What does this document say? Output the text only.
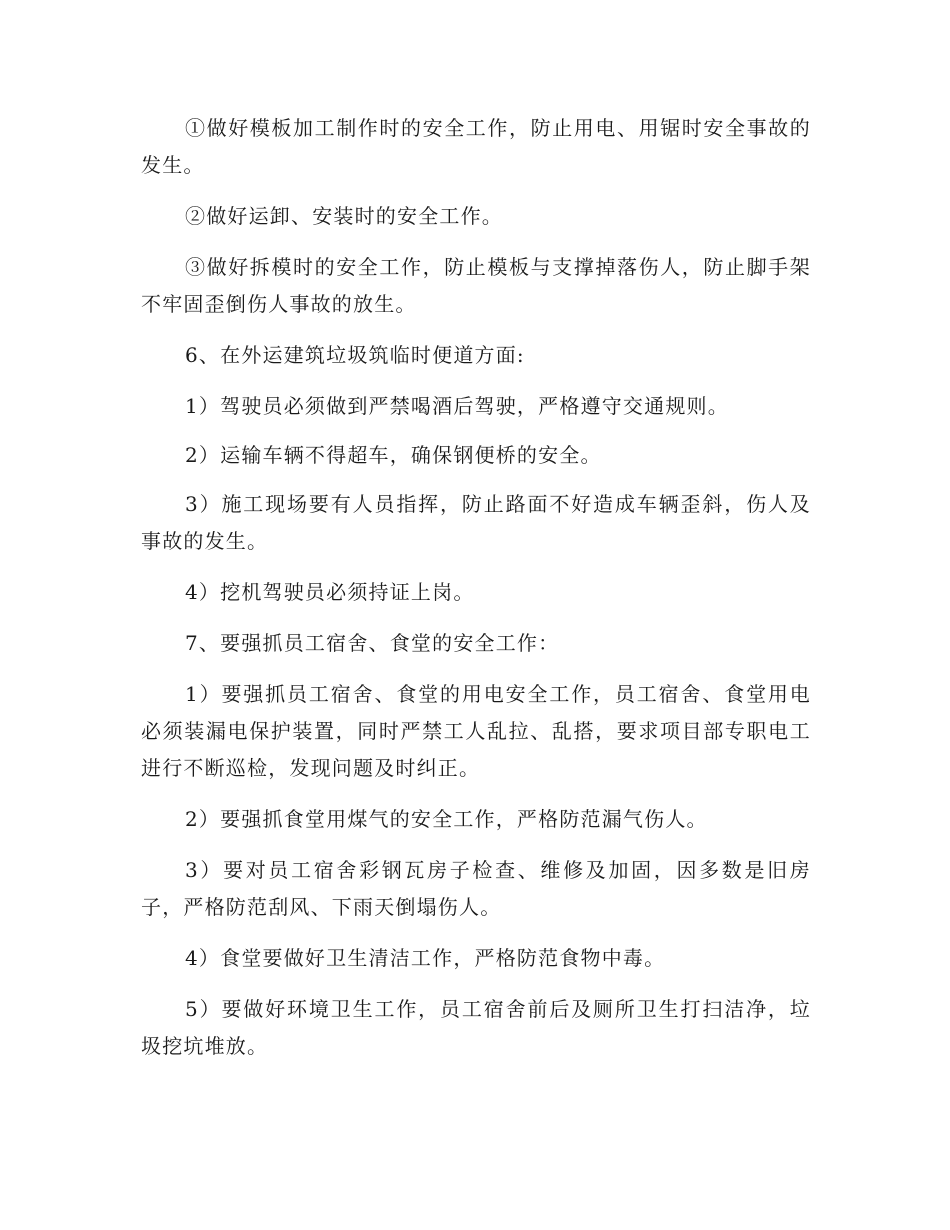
①做好模板加工制作时的安全工作，防止用电、用锯时安全事故的发生。

②做好运卸、安装时的安全工作。

③做好拆模时的安全工作，防止模板与支撑掉落伤人，防止脚手架不牢固歪倒伤人事故的放生。

6、在外运建筑垃圾筑临时便道方面:

1）驾驶员必须做到严禁喝酒后驾驶，严格遵守交通规则。

2）运输车辆不得超车，确保钢便桥的安全。

3）施工现场要有人员指挥，防止路面不好造成车辆歪斜，伤人及事故的发生。

4）挖机驾驶员必须持证上岗。

7、要强抓员工宿舍、食堂的安全工作：

1）要强抓员工宿舍、食堂的用电安全工作，员工宿舍、食堂用电必须装漏电保护装置，同时严禁工人乱拉、乱搭，要求项目部专职电工进行不断巡检，发现问题及时纠正。

2）要强抓食堂用煤气的安全工作，严格防范漏气伤人。

3）要对员工宿舍彩钢瓦房子检查、维修及加固，因多数是旧房子，严格防范刮风、下雨天倒塌伤人。

4）食堂要做好卫生清洁工作，严格防范食物中毒。

5）要做好环境卫生工作，员工宿舍前后及厕所卫生打扫洁净，垃圾挖坑堆放。
